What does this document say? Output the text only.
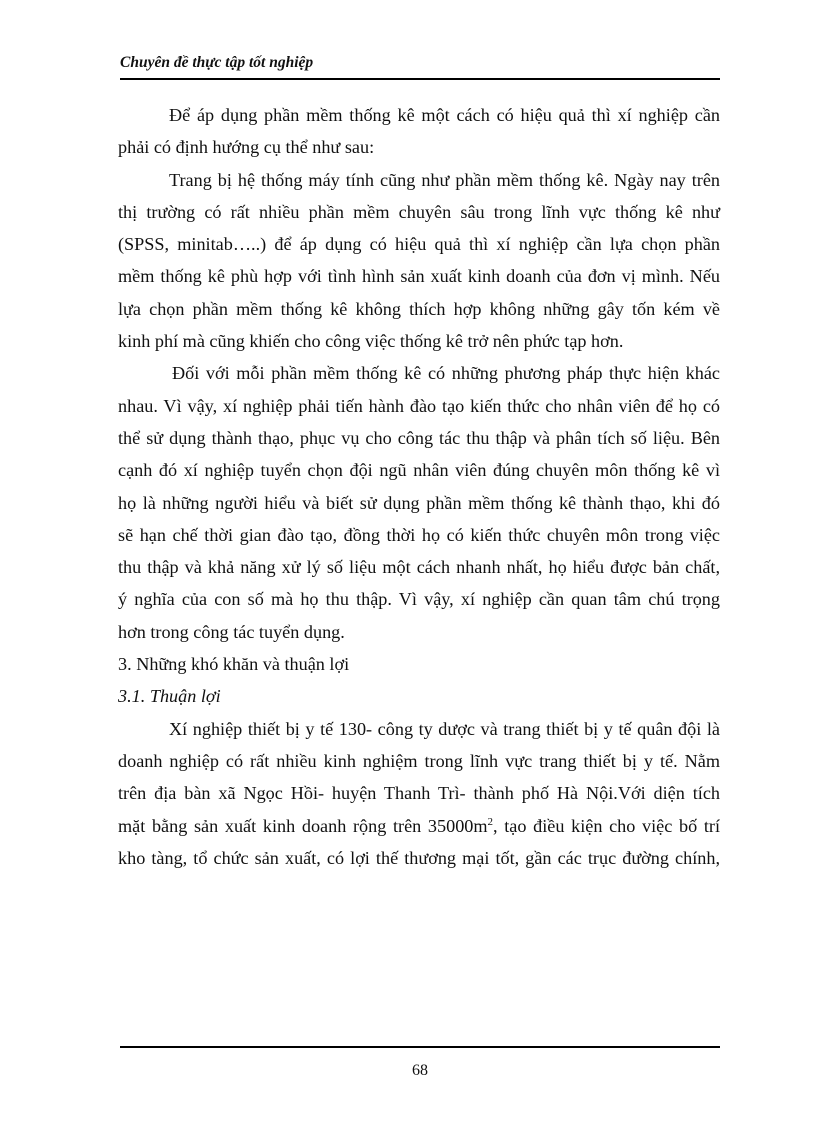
Chuyên đề thực tập tốt nghiệp
Để áp dụng phần mềm thống kê một cách có hiệu quả thì xí nghiệp cần
phải có định hướng cụ thể như sau:
Trang bị hệ thống máy tính cũng như phần mềm thống kê. Ngày nay trên
thị trường có rất nhiều phần mềm chuyên sâu trong lĩnh vực thống kê như
(SPSS, minitab…..) để áp dụng có hiệu quả thì xí nghiệp cần lựa chọn phần
mềm thống kê phù hợp với tình hình sản xuất kinh doanh của đơn vị mình. Nếu
lựa chọn phần mềm thống kê không thích hợp không những gây tốn kém về
kinh phí mà cũng khiến cho công việc thống kê trở nên phức tạp hơn.
Đối với mỗi phần mềm thống kê có những phương pháp thực hiện khác
nhau. Vì vậy, xí nghiệp phải tiến hành đào tạo kiến thức cho nhân viên để họ có
thể sử dụng thành thạo, phục vụ cho công tác thu thập và phân tích số liệu. Bên
cạnh đó xí nghiệp tuyển chọn đội ngũ nhân viên đúng chuyên môn thống kê vì
họ là những người hiểu và biết sử dụng phần mềm thống kê thành thạo, khi đó
sẽ hạn chế thời gian đào tạo, đồng thời họ có kiến thức chuyên môn trong việc
thu thập và khả năng xử lý số liệu một cách nhanh nhất, họ hiểu được bản chất,
ý nghĩa của con số mà họ thu thập. Vì vậy, xí nghiệp cần quan tâm chú trọng
hơn trong công tác tuyển dụng.
3. Những khó khăn và thuận lợi
3.1. Thuận lợi
Xí nghiệp thiết bị y tế 130- công ty dược và trang thiết bị y tế quân đội là
doanh nghiệp có rất nhiều kinh nghiệm trong lĩnh vực trang thiết bị y tế. Nằm
trên địa bàn xã Ngọc Hồi- huyện Thanh Trì- thành phố Hà Nội.Với diện tích
mặt bằng sản xuất kinh doanh rộng trên $35000m^2$, tạo điều kiện cho việc bố trí
kho tàng, tổ chức sản xuất, có lợi thế thương mại tốt, gần các trục đường chính,
68
